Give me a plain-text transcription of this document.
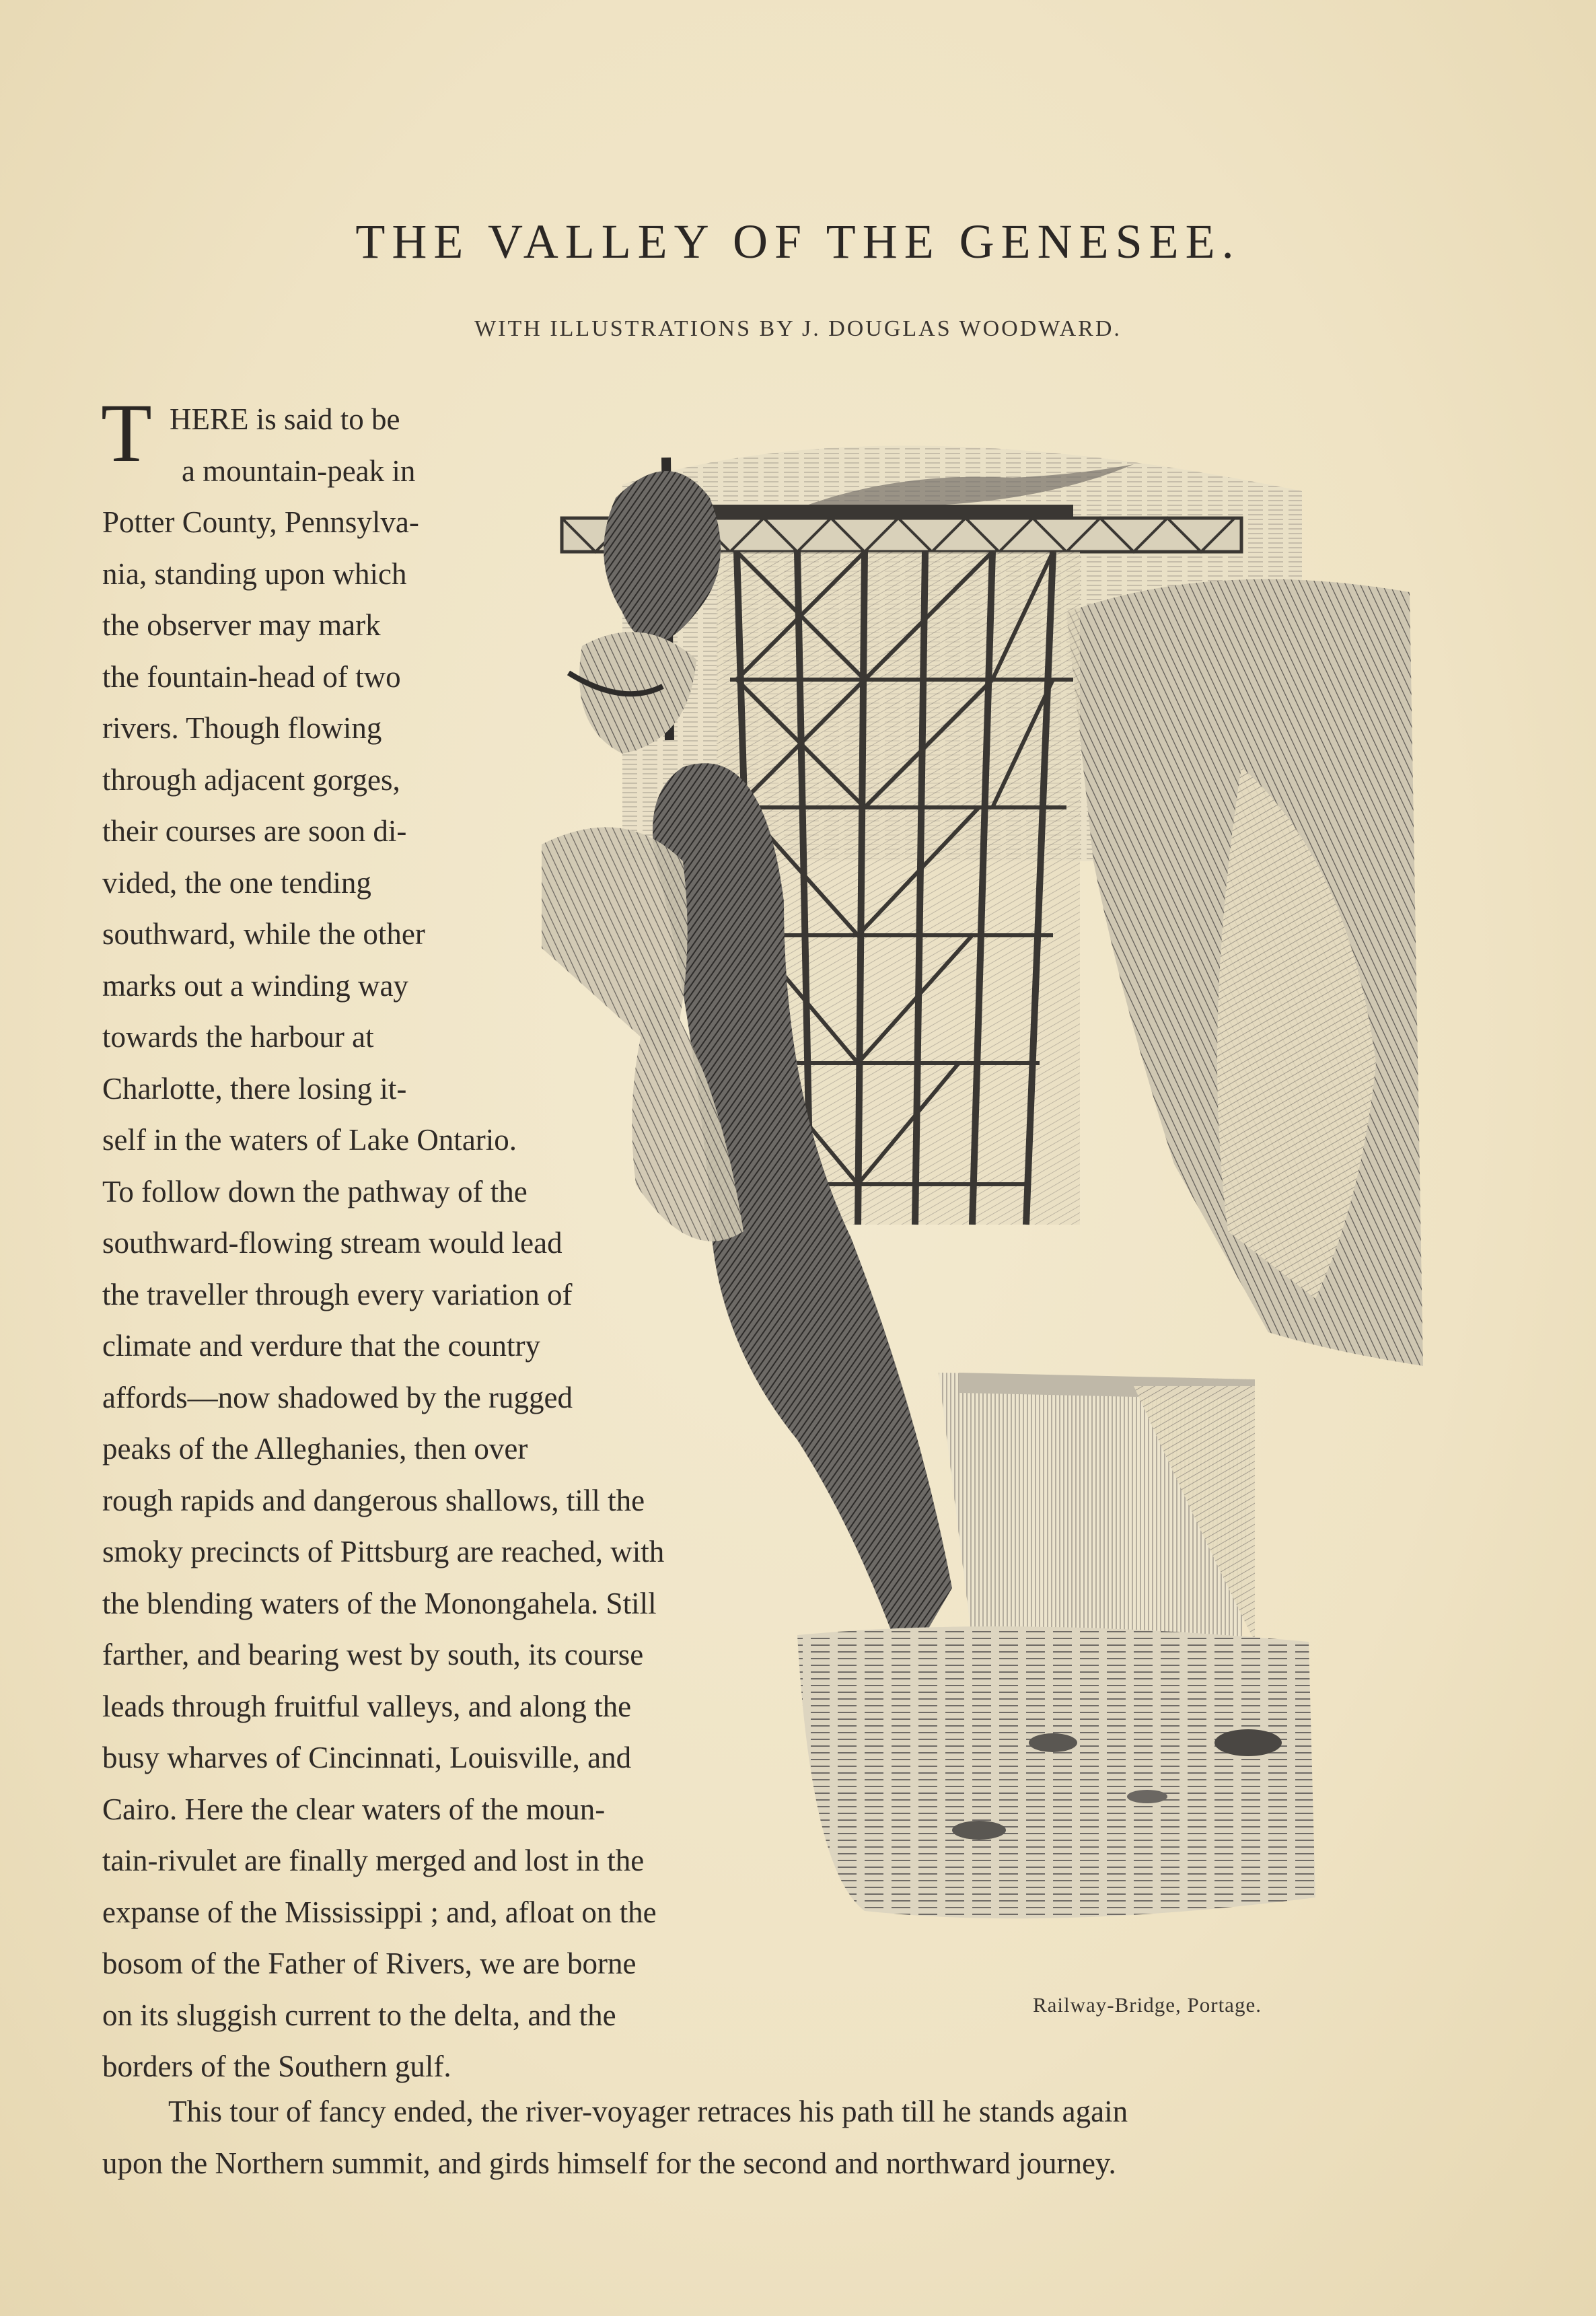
THE VALLEY OF THE GENESEE.
WITH ILLUSTRATIONS BY J. DOUGLAS WOODWARD.
T HERE is said to be
a mountain-peak in
Potter County, Pennsylva-
nia, standing upon which
the observer may mark
the fountain-head of two
rivers. Though flowing
through adjacent gorges,
their courses are soon di-
vided, the one tending
southward, while the other
marks out a winding way
towards the harbour at
Charlotte, there losing it-
self in the waters of Lake Ontario.
To follow down the pathway of the
southward-flowing stream would lead
the traveller through every variation of
climate and verdure that the country
affords—now shadowed by the rugged
peaks of the Alleghanies, then over
rough rapids and dangerous shallows, till the
smoky precincts of Pittsburg are reached, with
the blending waters of the Monongahela. Still
farther, and bearing west by south, its course
leads through fruitful valleys, and along the
busy wharves of Cincinnati, Louisville, and
Cairo. Here the clear waters of the moun-
tain-rivulet are finally merged and lost in the
expanse of the Mississippi ; and, afloat on the
bosom of the Father of Rivers, we are borne
on its sluggish current to the delta, and the
borders of the Southern gulf.
This tour of fancy ended, the river-voyager retraces his path till he stands again
upon the Northern summit, and girds himself for the second and northward journey.
Railway-Bridge, Portage.
